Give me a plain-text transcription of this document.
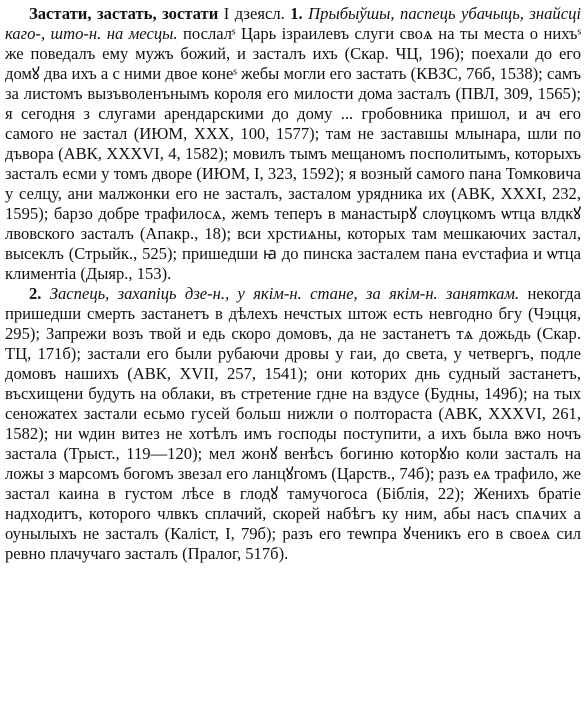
Застати, застать, зостати I дзеясл. 1. Прыбыўшы, паспець убачыць, знайсці каго-, што-н. на месцы. послалˢ Царь ізраилевъ слуги своѧ на ты места о нихъˢ же поведалъ ему мужъ божий, и засталъ ихъ (Скар. ЧЦ, 196); поехали до его домꙋ два ихъ а с ними двое конеˢ жебы могли его застать (КВЗС, 76б, 1538); самъ за листомъ вызъволенънымъ короля его милости дома засталъ (ПВЛ, 309, 1565); я сегодня з слугами арендарскими до дому ... гробовника пришол, и ач его самого не застал (ИЮМ, XXX, 100, 1577); там не заставшы млынара, шли по дъвора (АВК, XXXVI, 4, 1582); мовилъ тымъ мещаномъ посполитымъ, которыхъ засталъ есми у томъ дворе (ИЮМ, I, 323, 1592); я возный самого пана Томковича у селцу, ани малжонки его не засталъ, засталом урядника их (АВК, XXXI, 232, 1595); барзо добре трафилосѧ, жемъ теперъ в манастырꙋ слѹцкомъ ѡтца влдкꙋ лвовского засталъ (Апакр., 18); вси хрстиѧны, которых там мешкаючих застал, высеклъ (Стрыйк., 525); пришедши ꙗ до пинска засталем пана еѵстафиа и ѡтца климентіа (Дыяр., 153).

2. Заспець, захапіць дзе-н., у якім-н. стане, за якім-н. заняткам. некогда пришедши смерть застанетъ в дѣлехъ нечстых штож есть невгодно бгу (Чэцця, 295); Запрежи возъ твой и едь скоро домовъ, да не застанетъ тѧ дожьдь (Скар. ТЦ, 171б); застали его были рубаючи дровы у гаи, до света, у четвергъ, подле домовъ нашихъ (АВК, XVII, 257, 1541); они которих днь судный застанетъ, въсхищени будуть на облаки, въ стретение гдне на вздусе (Будны, 149б); на тых сеножатех застали есьмо гусей больш нижли о полтораста (АВК, XXXVI, 261, 1582); ни ѡдин витез не хотѣлъ имъ господы поступити, а ихъ была вжо ночъ застала (Трыст., 119—120); мел жонꙋ венѣсъ богиню которꙋю коли засталъ на ложы з марсомъ богомъ звезал его ланцꙋгомъ (Царств., 74б); разъ еѧ трафило, же застал каина в густом лѣсе в глодꙋ тамучогоса (Біблія, 22); Женихъ братіе надходитъ, которого члвкъ сплачий, скорей набѣгъ ку ним, абы насъ спѧчих а оунылыхъ не засталъ (Каліст, I, 79б); разъ его теѡпра ꙋченикъ его в своеѧ сил ревно плачучаго засталъ (Пралог, 517б).
